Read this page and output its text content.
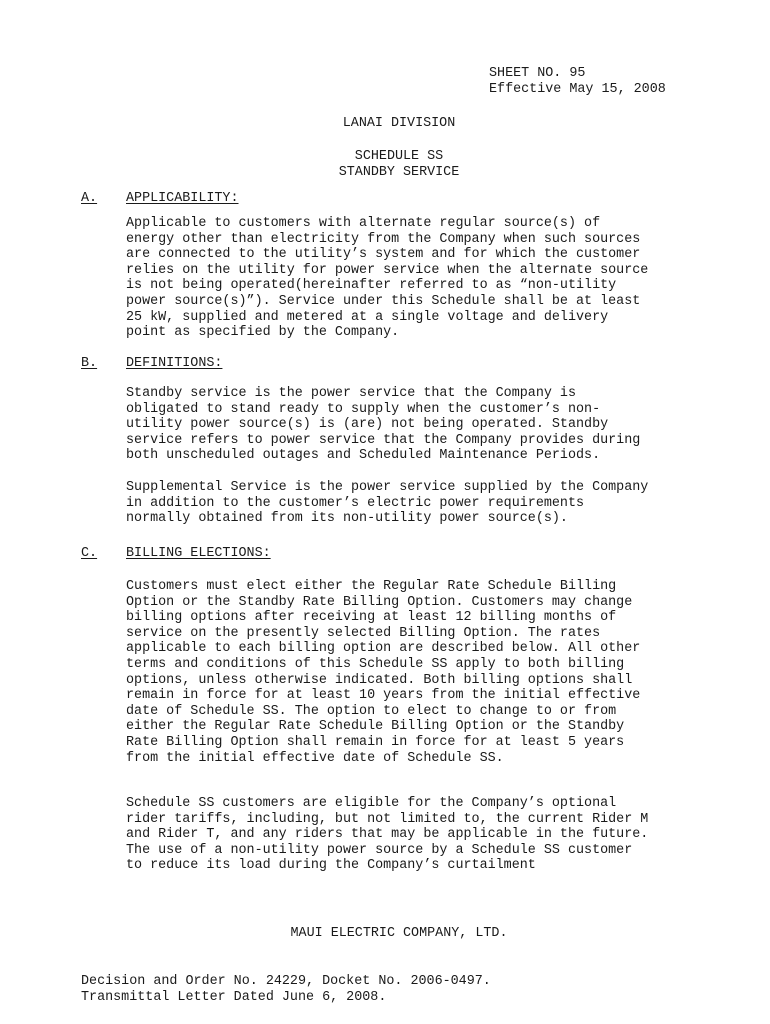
SHEET NO. 95
Effective May 15, 2008
LANAI DIVISION
SCHEDULE SS
STANDBY SERVICE
A. APPLICABILITY:
Applicable to customers with alternate regular source(s) of
energy other than electricity from the Company when such sources
are connected to the utility’s system and for which the customer
relies on the utility for power service when the alternate source
is not being operated(hereinafter referred to as “non-utility
power source(s)”). Service under this Schedule shall be at least
25 kW, supplied and metered at a single voltage and delivery
point as specified by the Company.
B. DEFINITIONS:
Standby service is the power service that the Company is
obligated to stand ready to supply when the customer’s non-
utility power source(s) is (are) not being operated. Standby
service refers to power service that the Company provides during
both unscheduled outages and Scheduled Maintenance Periods.
Supplemental Service is the power service supplied by the Company
in addition to the customer’s electric power requirements
normally obtained from its non-utility power source(s).
C. BILLING ELECTIONS:
Customers must elect either the Regular Rate Schedule Billing
Option or the Standby Rate Billing Option. Customers may change
billing options after receiving at least 12 billing months of
service on the presently selected Billing Option. The rates
applicable to each billing option are described below. All other
terms and conditions of this Schedule SS apply to both billing
options, unless otherwise indicated. Both billing options shall
remain in force for at least 10 years from the initial effective
date of Schedule SS. The option to elect to change to or from
either the Regular Rate Schedule Billing Option or the Standby
Rate Billing Option shall remain in force for at least 5 years
from the initial effective date of Schedule SS.
Schedule SS customers are eligible for the Company’s optional
rider tariffs, including, but not limited to, the current Rider M
and Rider T, and any riders that may be applicable in the future.
The use of a non-utility power source by a Schedule SS customer
to reduce its load during the Company’s curtailment
MAUI ELECTRIC COMPANY, LTD.
Decision and Order No. 24229, Docket No. 2006-0497.
Transmittal Letter Dated June 6, 2008.
